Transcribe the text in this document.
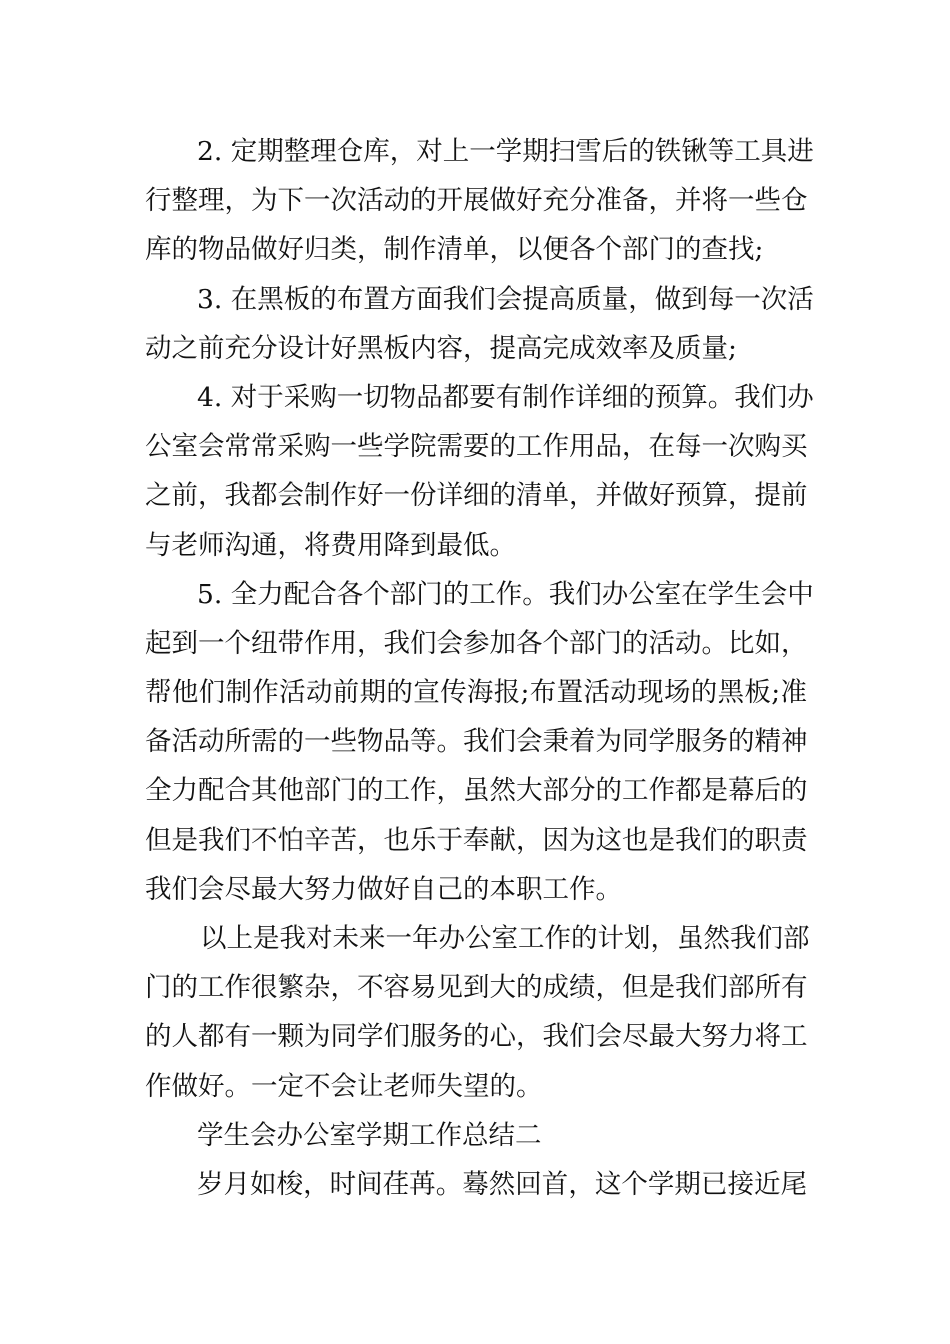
2. 定期整理仓库，对上一学期扫雪后的铁锹等工具进
行整理，为下一次活动的开展做好充分准备，并将一些仓
库的物品做好归类，制作清单，以便各个部门的查找;
3. 在黑板的布置方面我们会提高质量，做到每一次活
动之前充分设计好黑板内容，提高完成效率及质量;
4. 对于采购一切物品都要有制作详细的预算。我们办
公室会常常采购一些学院需要的工作用品，在每一次购买
之前，我都会制作好一份详细的清单，并做好预算，提前
与老师沟通，将费用降到最低。
5. 全力配合各个部门的工作。我们办公室在学生会中
起到一个纽带作用，我们会参加各个部门的活动。比如，
帮他们制作活动前期的宣传海报;布置活动现场的黑板;准
备活动所需的一些物品等。我们会秉着为同学服务的精神
全力配合其他部门的工作，虽然大部分的工作都是幕后的
但是我们不怕辛苦，也乐于奉献，因为这也是我们的职责
我们会尽最大努力做好自己的本职工作。
以上是我对未来一年办公室工作的计划，虽然我们部
门的工作很繁杂，不容易见到大的成绩，但是我们部所有
的人都有一颗为同学们服务的心，我们会尽最大努力将工
作做好。一定不会让老师失望的。
学生会办公室学期工作总结二
岁月如梭，时间荏苒。蓦然回首，这个学期已接近尾
